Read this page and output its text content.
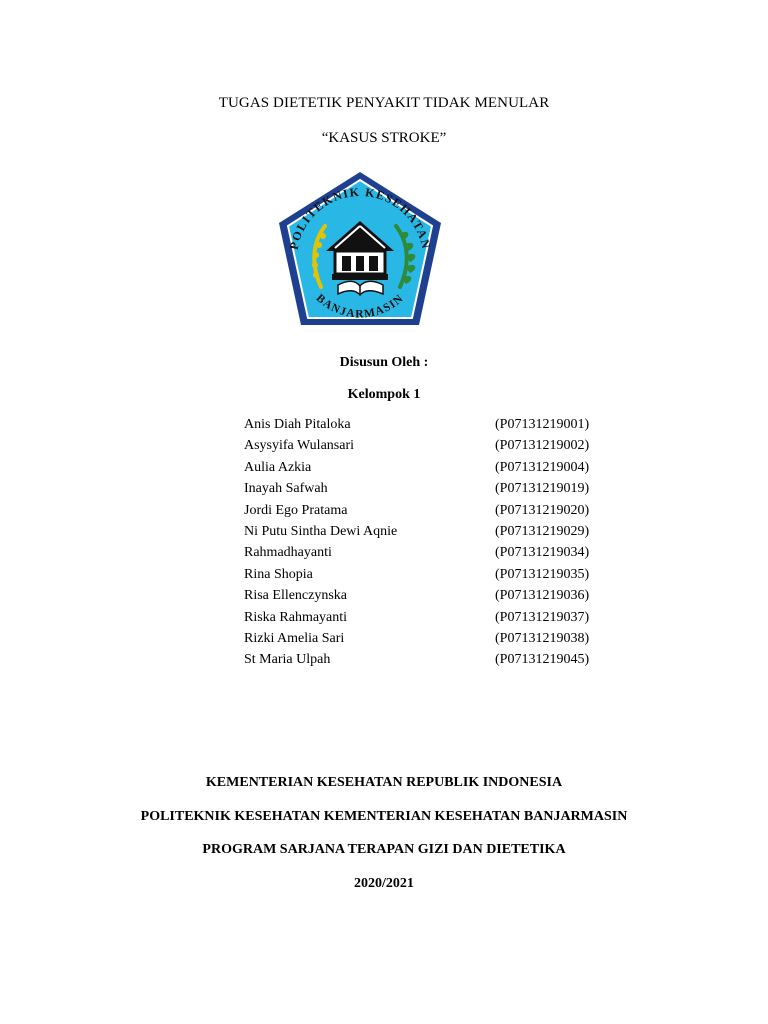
TUGAS DIETETIK PENYAKIT TIDAK MENULAR
“KASUS STROKE”
POLITEKNIK KESEHATAN
BANJARMASIN
Disusun Oleh :
Kelompok 1
Anis Diah Pitaloka	(P07131219001)
Asysyifa Wulansari	(P07131219002)
Aulia Azkia	(P07131219004)
Inayah Safwah	(P07131219019)
Jordi Ego Pratama	(P07131219020)
Ni Putu Sintha Dewi Aqnie	(P07131219029)
Rahmadhayanti	(P07131219034)
Rina Shopia	(P07131219035)
Risa Ellenczynska	(P07131219036)
Riska Rahmayanti	(P07131219037)
Rizki Amelia Sari	(P07131219038)
St Maria Ulpah	(P07131219045)
KEMENTERIAN KESEHATAN REPUBLIK INDONESIA
POLITEKNIK KESEHATAN KEMENTERIAN KESEHATAN BANJARMASIN
PROGRAM SARJANA TERAPAN GIZI DAN DIETETIKA
2020/2021
